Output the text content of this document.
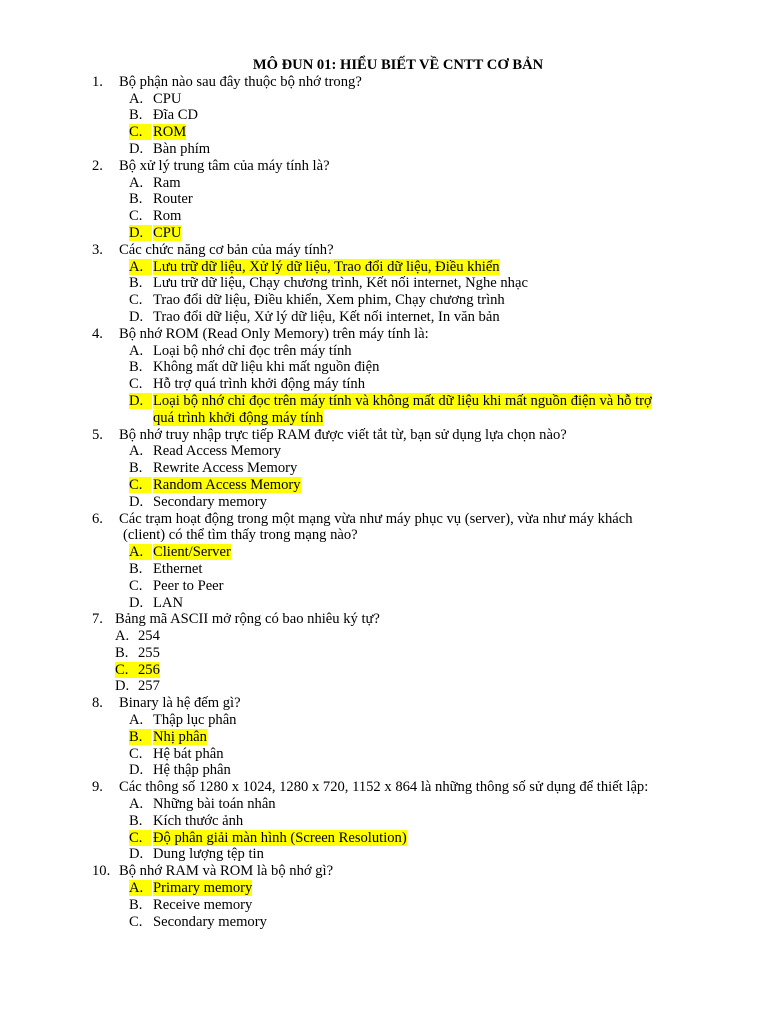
MÔ ĐUN 01: HIỂU BIẾT VỀ CNTT CƠ BẢN
1. Bộ phận nào sau đây thuộc bộ nhớ trong?
A. CPU
B. Đĩa CD
C. ROM
D. Bàn phím
2. Bộ xử lý trung tâm của máy tính là?
A. Ram
B. Router
C. Rom
D. CPU
3. Các chức năng cơ bản của máy tính?
A. Lưu trữ dữ liệu, Xử lý dữ liệu, Trao đổi dữ liệu, Điều khiển
B. Lưu trữ dữ liệu, Chạy chương trình, Kết nối internet, Nghe nhạc
C. Trao đổi dữ liệu, Điều khiển, Xem phim, Chạy chương trình
D. Trao đổi dữ liệu, Xử lý dữ liệu, Kết nối internet, In văn bản
4. Bộ nhớ ROM (Read Only Memory) trên máy tính là:
A. Loại bộ nhớ chỉ đọc trên máy tính
B. Không mất dữ liệu khi mất nguồn điện
C. Hỗ trợ quá trình khởi động máy tính
D. Loại bộ nhớ chỉ đọc trên máy tính và không mất dữ liệu khi mất nguồn điện và hỗ trợ
quá trình khởi động máy tính
5. Bộ nhớ truy nhập trực tiếp RAM được viết tắt từ, bạn sử dụng lựa chọn nào?
A. Read Access Memory
B. Rewrite Access Memory
C. Random Access Memory
D. Secondary memory
6. Các trạm hoạt động trong một mạng vừa như máy phục vụ (server), vừa như máy khách
(client) có thể tìm thấy trong mạng nào?
A. Client/Server
B. Ethernet
C. Peer to Peer
D. LAN
7. Bảng mã ASCII mở rộng có bao nhiêu ký tự?
A. 254
B. 255
C. 256
D. 257
8. Binary là hệ đếm gì?
A. Thập lục phân
B. Nhị phân
C. Hệ bát phân
D. Hệ thập phân
9. Các thông số 1280 x 1024, 1280 x 720, 1152 x 864 là những thông số sử dụng để thiết lập:
A. Những bài toán nhân
B. Kích thước ảnh
C. Độ phân giải màn hình (Screen Resolution)
D. Dung lượng tệp tin
10. Bộ nhớ RAM và ROM là bộ nhớ gì?
A. Primary memory
B. Receive memory
C. Secondary memory
